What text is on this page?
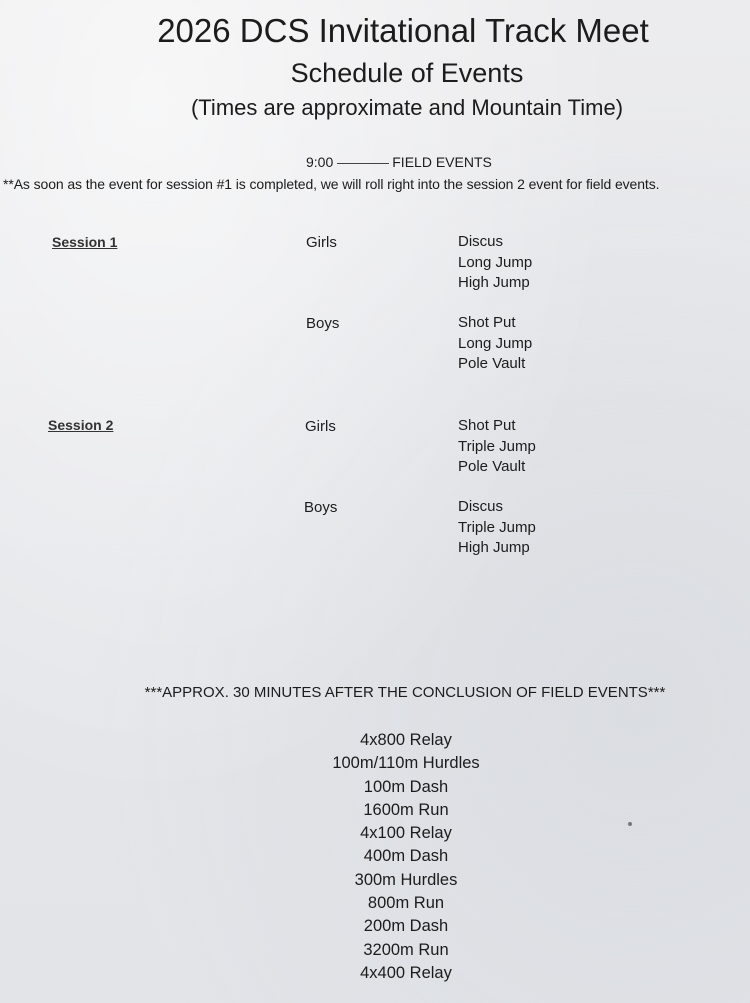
2026 DCS Invitational Track Meet
Schedule of Events
(Times are approximate and Mountain Time)
9:00	FIELD EVENTS
**As soon as the event for session #1 is completed, we will roll right into the session 2 event for field events.
Session 1	Girls	Discus
Long Jump
High Jump
Boys	Shot Put
Long Jump
Pole Vault
Session 2	Girls	Shot Put
Triple Jump
Pole Vault
Boys	Discus
Triple Jump
High Jump
***APPROX. 30 MINUTES AFTER THE CONCLUSION OF FIELD EVENTS***
4x800 Relay
100m/110m Hurdles
100m Dash
1600m Run
4x100 Relay
400m Dash
300m Hurdles
800m Run
200m Dash
3200m Run
4x400 Relay
